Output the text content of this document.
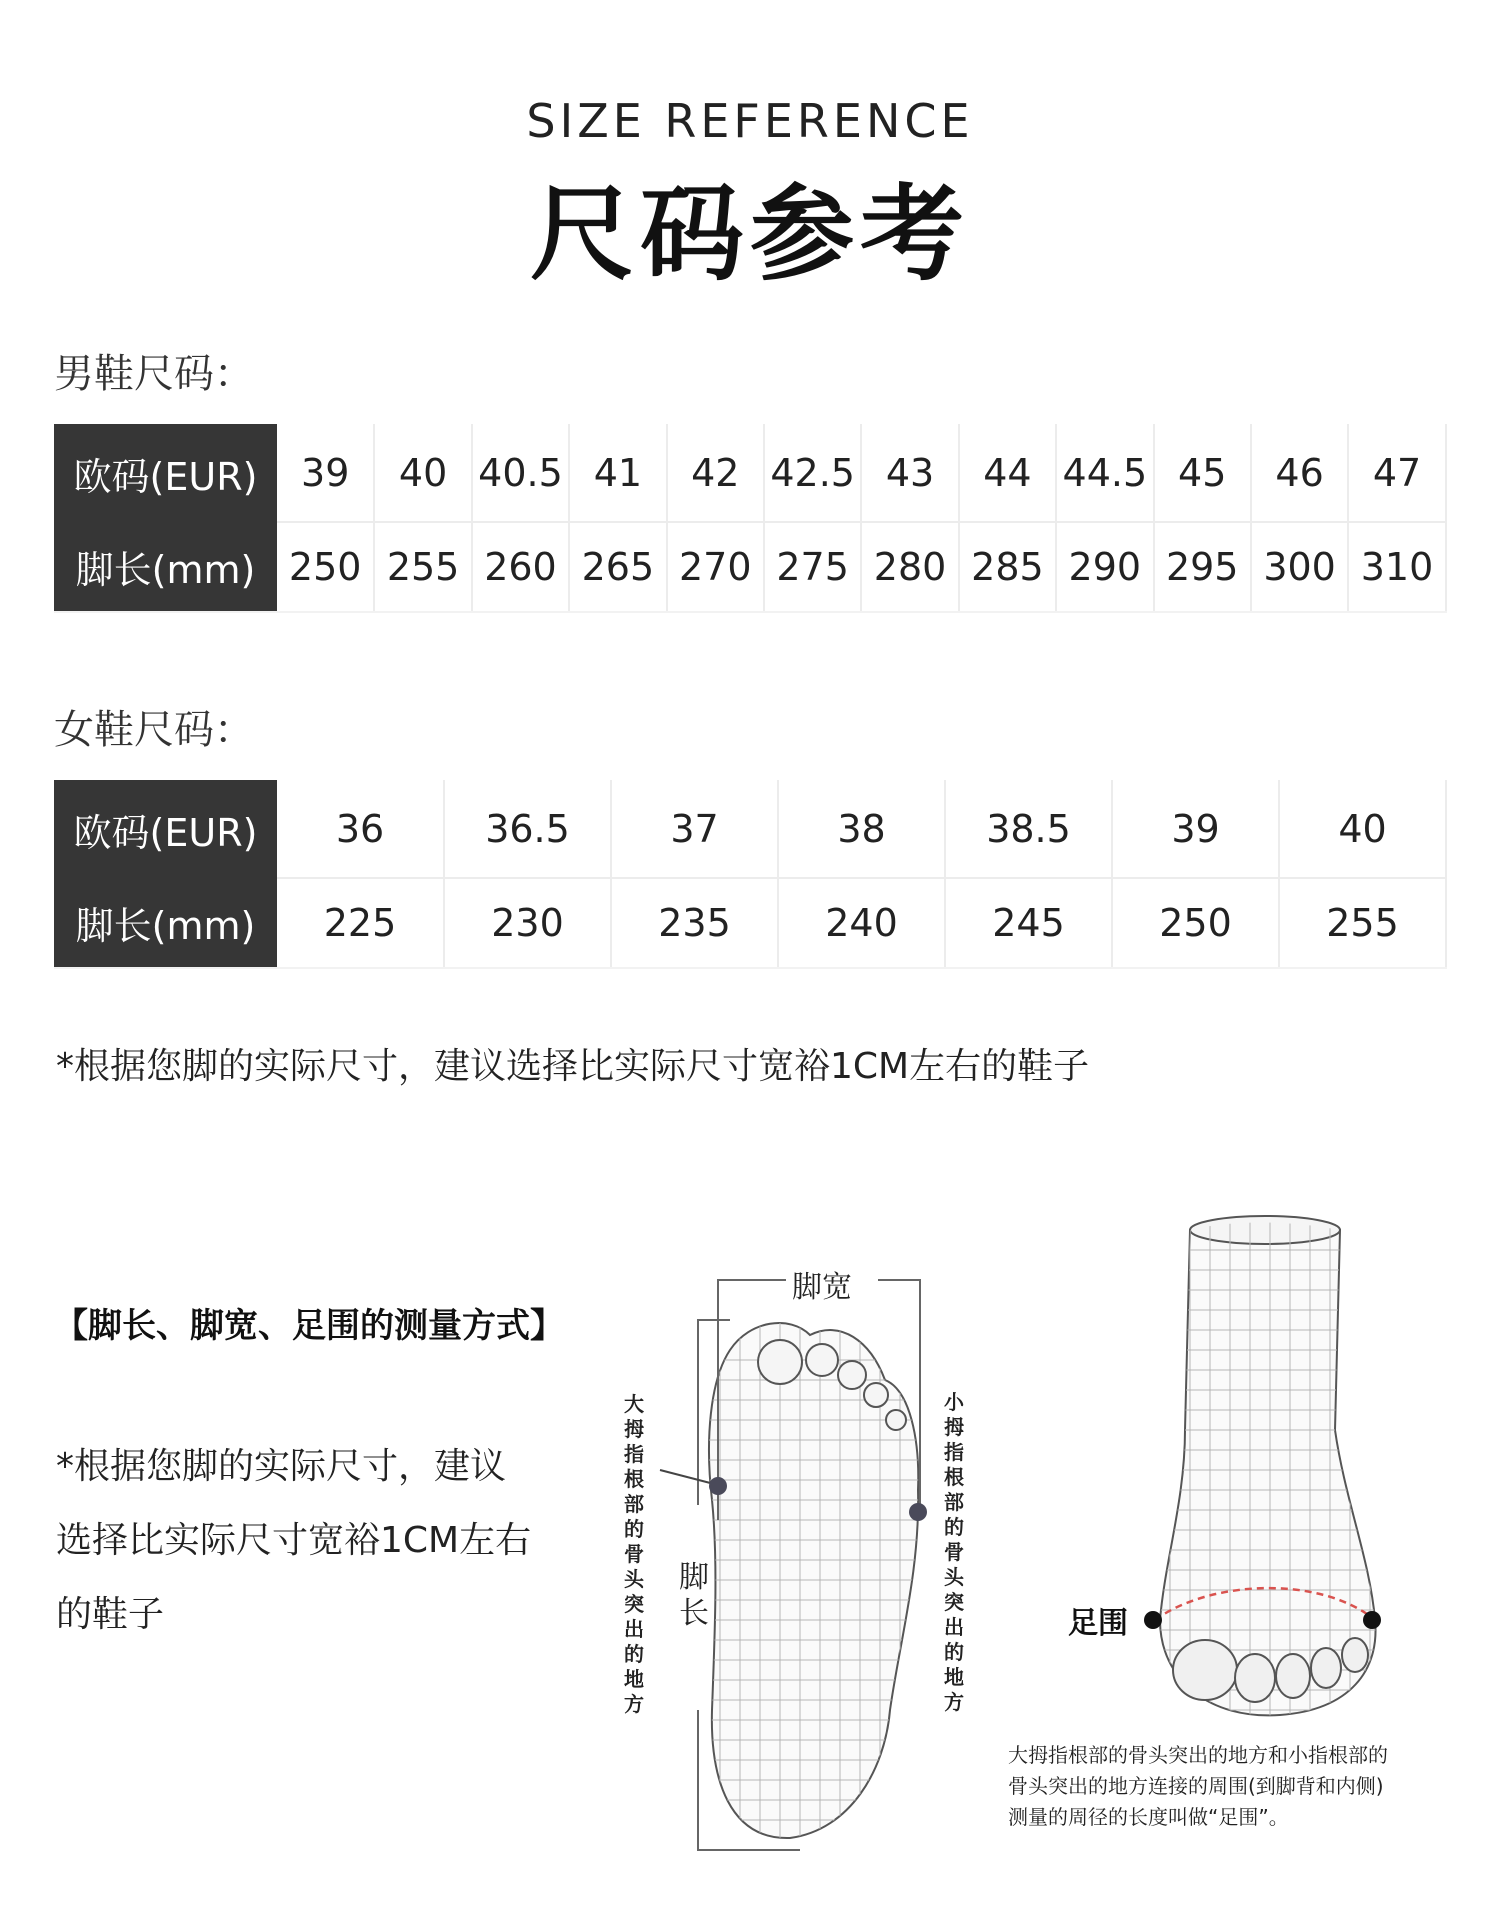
SIZE REFERENCE
尺码参考
男鞋尺码：
欧码(EUR)	39	40	40.5	41	42	42.5	43	44	44.5	45	46	47
脚长(mm)	250	255	260	265	270	275	280	285	290	295	300	310
女鞋尺码：
欧码(EUR)	36	36.5	37	38	38.5	39	40
脚长(mm)	225	230	235	240	245	250	255
*根据您脚的实际尺寸，建议选择比实际尺寸宽裕1CM左右的鞋子
【脚长、脚宽、足围的测量方式】
*根据您脚的实际尺寸，建议
选择比实际尺寸宽裕1CM左右
的鞋子
脚宽
大拇指根部的骨头突出的地方
小拇指根部的骨头突出的地方
脚长	足围
大拇指根部的骨头突出的地方和小指根部的
骨头突出的地方连接的周围(到脚背和内侧)
测量的周径的长度叫做“足围”。
